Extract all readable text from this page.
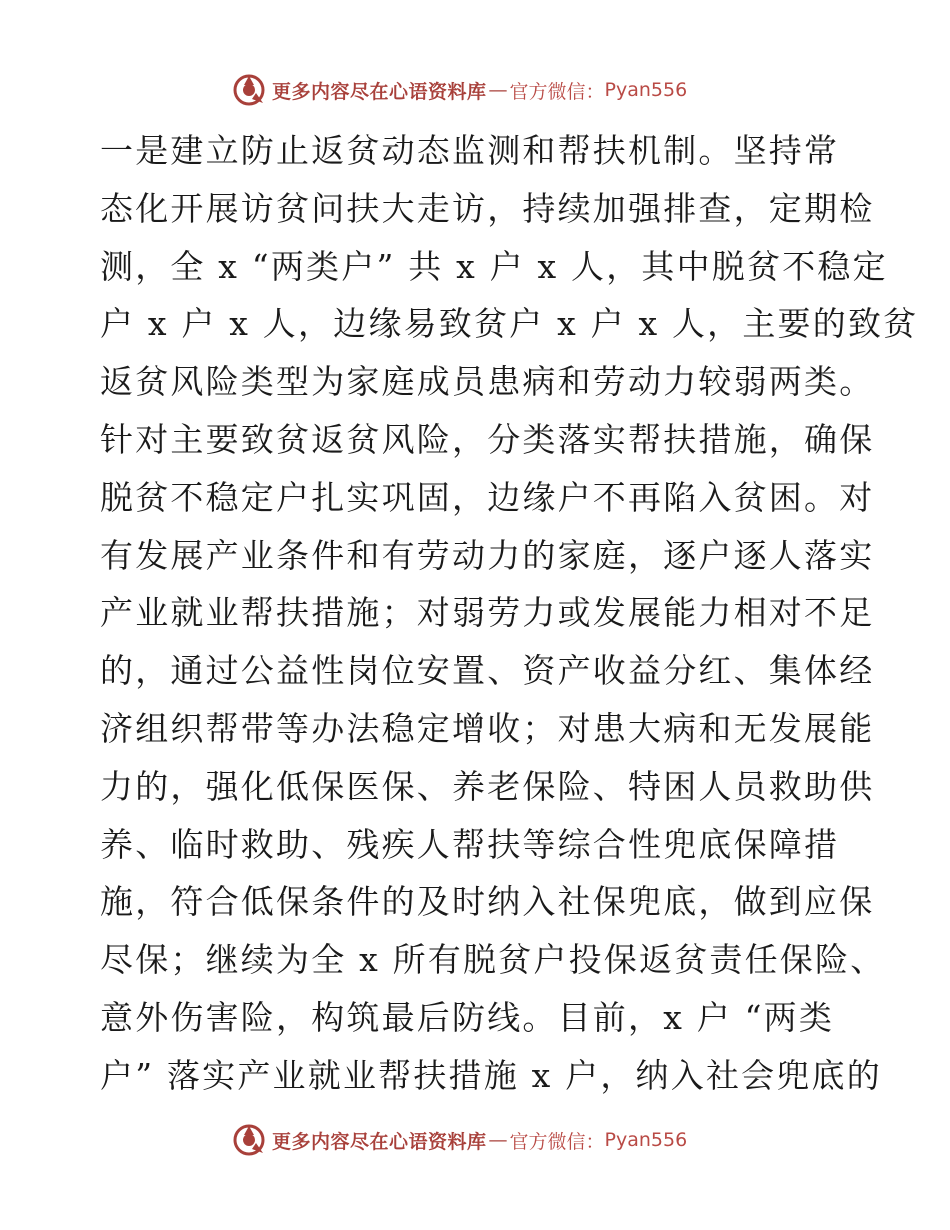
更多内容尽在心语资料库 — 官方微信： Pyan556
一是建立防止返贫动态监测和帮扶机制。坚持常
态化开展访贫问扶大走访，持续加强排查，定期检
测，全 x “两类户” 共 x 户 x 人，其中脱贫不稳定
户 x 户 x 人，边缘易致贫户 x 户 x 人，主要的致贫
返贫风险类型为家庭成员患病和劳动力较弱两类。
针对主要致贫返贫风险，分类落实帮扶措施，确保
脱贫不稳定户扎实巩固，边缘户不再陷入贫困。对
有发展产业条件和有劳动力的家庭，逐户逐人落实
产业就业帮扶措施；对弱劳力或发展能力相对不足
的，通过公益性岗位安置、资产收益分红、集体经
济组织帮带等办法稳定增收；对患大病和无发展能
力的，强化低保医保、养老保险、特困人员救助供
养、临时救助、残疾人帮扶等综合性兜底保障措
施，符合低保条件的及时纳入社保兜底，做到应保
尽保；继续为全 x 所有脱贫户投保返贫责任保险、
意外伤害险，构筑最后防线。目前，x 户 “两类
户” 落实产业就业帮扶措施 x 户，纳入社会兜底的
更多内容尽在心语资料库 — 官方微信： Pyan556
